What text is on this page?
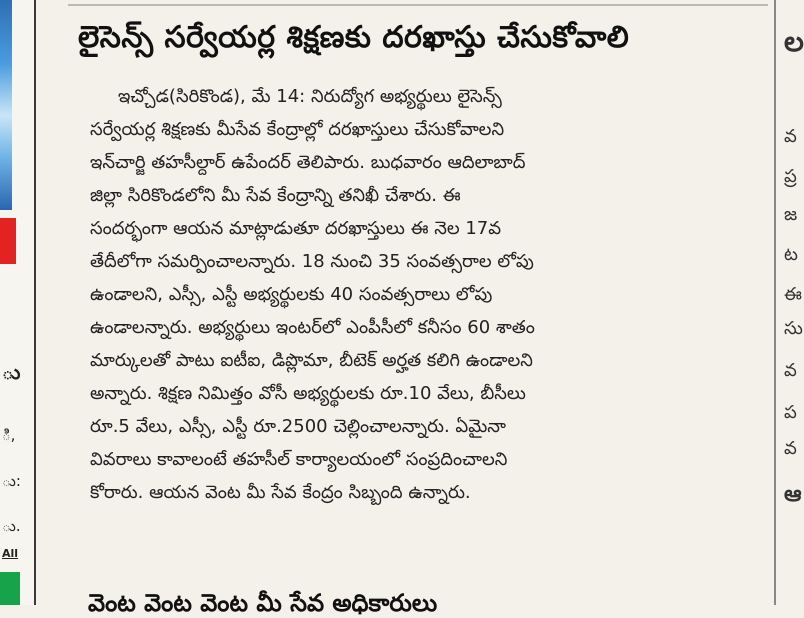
ు
ి,
ు:
ు.
All
లైసెన్స్ సర్వేయర్ల శిక్షణకు దరఖాస్తు చేసుకోవాలి

ఇచ్చోడ(సిరికొండ), మే 14: నిరుద్యోగ అభ్యర్థులు లైసెన్స్
సర్వేయర్ల శిక్షణకు మీసేవ కేంద్రాల్లో దరఖాస్తులు చేసుకోవాలని
ఇన్‌చార్జి తహసీల్దార్ ఉపేందర్ తెలిపారు. బుధవారం ఆదిలాబాద్
జిల్లా సిరికొండలోని మీ సేవ కేంద్రాన్ని తనిఖీ చేశారు. ఈ
సందర్భంగా ఆయన మాట్లాడుతూ దరఖాస్తులు ఈ నెల 17వ
తేదీలోగా సమర్పించాలన్నారు. 18 నుంచి 35 సంవత్సరాల లోపు
ఉండాలని, ఎస్సీ, ఎస్టీ అభ్యర్థులకు 40 సంవత్సరాలు లోపు
ఉండాలన్నారు. అభ్యర్థులు ఇంటర్‌లో ఎంపీసీలో కనీసం 60 శాతం
మార్కులతో పాటు ఐటీఐ, డిప్లొమా, బీటెక్ అర్హత కలిగి ఉండాలని
అన్నారు. శిక్షణ నిమిత్తం వోసీ అభ్యర్థులకు రూ.10 వేలు, బీసీలు
రూ.5 వేలు, ఎస్సీ, ఎస్టీ రూ.2500 చెల్లించాలన్నారు. ఏమైనా
వివరాలు కావాలంటే తహసీల్ కార్యాలయంలో సంప్రదించాలని
కోరారు. ఆయన వెంట మీ సేవ కేంద్రం సిబ్బంది ఉన్నారు.

వెంట వెంట వెంట మీ సేవ అధికారులు
ల
వ
ప్ర
జ
ట
ఈ
సు
వ
ప
వ
ఆ
